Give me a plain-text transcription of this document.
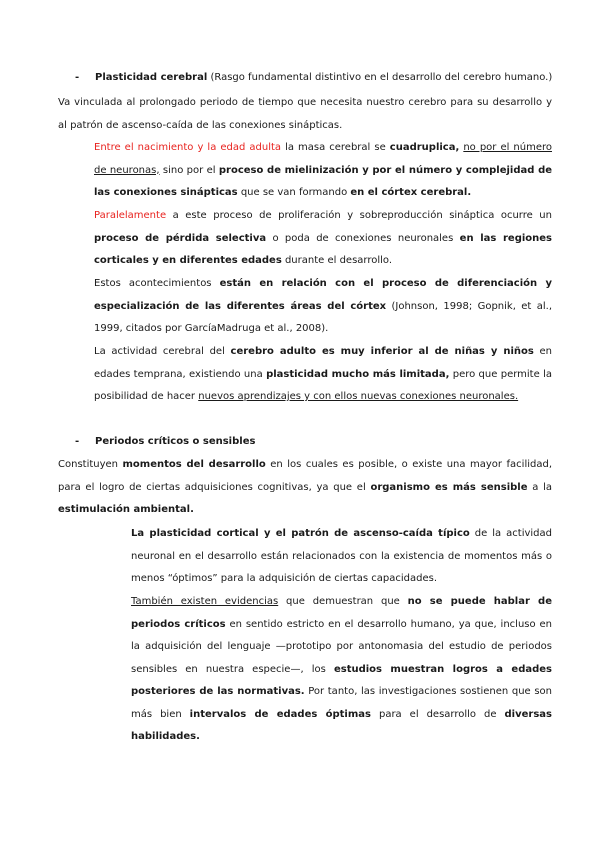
- Plasticidad cerebral (Rasgo fundamental distintivo en el desarrollo del cerebro humano.)
Va vinculada al prolongado periodo de tiempo que necesita nuestro cerebro para su desarrollo y al patrón de ascenso-caída de las conexiones sinápticas.
Entre el nacimiento y la edad adulta la masa cerebral se cuadruplica, no por el número de neuronas, sino por el proceso de mielinización y por el número y complejidad de las conexiones sinápticas que se van formando en el córtex cerebral.
Paralelamente a este proceso de proliferación y sobreproducción sináptica ocurre un proceso de pérdida selectiva o poda de conexiones neuronales en las regiones corticales y en diferentes edades durante el desarrollo.
Estos acontecimientos están en relación con el proceso de diferenciación y especialización de las diferentes áreas del córtex (Johnson, 1998; Gopnik, et al., 1999, citados por GarcíaMadruga et al., 2008).
La actividad cerebral del cerebro adulto es muy inferior al de niñas y niños en edades temprana, existiendo una plasticidad mucho más limitada, pero que permite la posibilidad de hacer nuevos aprendizajes y con ellos nuevas conexiones neuronales.
- Periodos críticos o sensibles
Constituyen momentos del desarrollo en los cuales es posible, o existe una mayor facilidad, para el logro de ciertas adquisiciones cognitivas, ya que el organismo es más sensible a la estimulación ambiental.
La plasticidad cortical y el patrón de ascenso-caída típico de la actividad neuronal en el desarrollo están relacionados con la existencia de momentos más o menos “óptimos” para la adquisición de ciertas capacidades.
También existen evidencias que demuestran que no se puede hablar de periodos críticos en sentido estricto en el desarrollo humano, ya que, incluso en la adquisición del lenguaje —prototipo por antonomasia del estudio de periodos sensibles en nuestra especie—, los estudios muestran logros a edades posteriores de las normativas. Por tanto, las investigaciones sostienen que son más bien intervalos de edades óptimas para el desarrollo de diversas habilidades.
